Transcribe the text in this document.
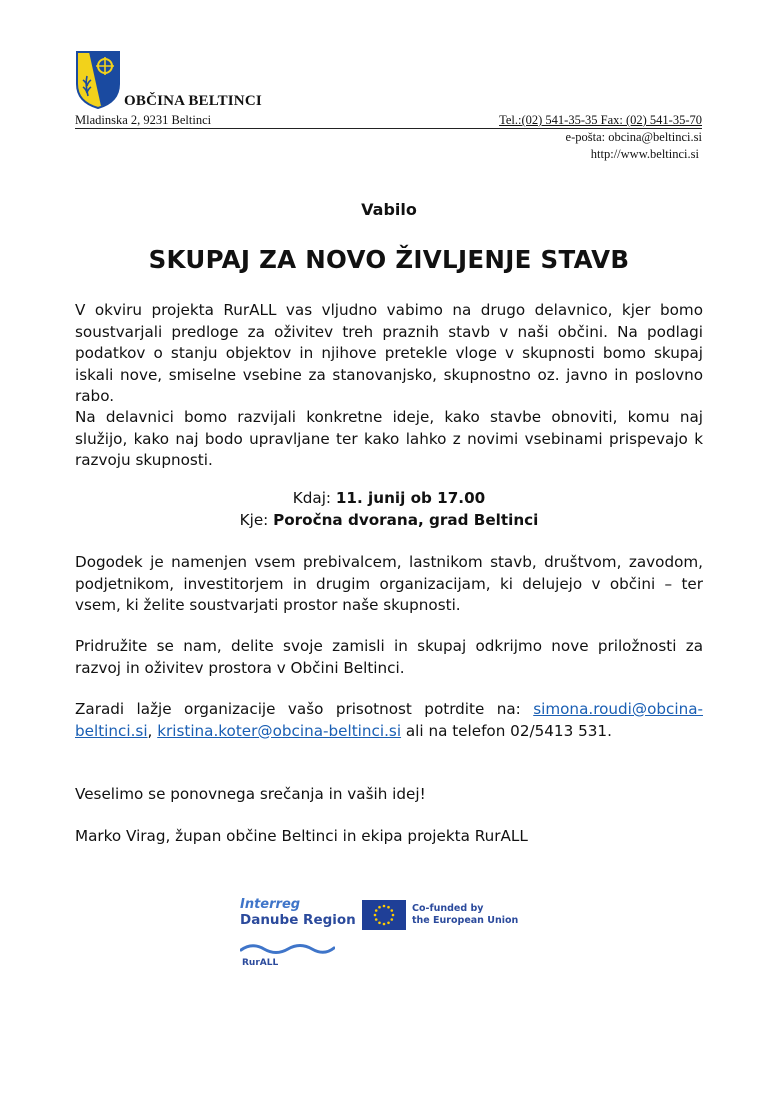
OBČINA BELTINCI
Mladinska 2, 9231 Beltinci	Tel.:(02) 541-35-35 Fax: (02) 541-35-70
e-pošta: obcina@beltinci.si
http://www.beltinci.si
Vabilo
SKUPAJ ZA NOVO ŽIVLJENJE STAVB

V okviru projekta RurALL vas vljudno vabimo na drugo delavnico, kjer bomo soustvarjali predloge za oživitev treh praznih stavb v naši občini. Na podlagi podatkov o stanju objektov in njihove pretekle vloge v skupnosti bomo skupaj iskali nove, smiselne vsebine za stanovanjsko, skupnostno oz. javno in poslovno rabo.

Na delavnici bomo razvijali konkretne ideje, kako stavbe obnoviti, komu naj služijo, kako naj bodo upravljane ter kako lahko z novimi vsebinami prispevajo k razvoju skupnosti.

Kdaj: 11. junij ob 17.00
Kje: Poročna dvorana, grad Beltinci

Dogodek je namenjen vsem prebivalcem, lastnikom stavb, društvom, zavodom, podjetnikom, investitorjem in drugim organizacijam, ki delujejo v občini – ter vsem, ki želite soustvarjati prostor naše skupnosti.

Pridružite se nam, delite svoje zamisli in skupaj odkrijmo nove priložnosti za razvoj in oživitev prostora v Občini Beltinci.

Zaradi lažje organizacije vašo prisotnost potrdite na: simona.roudi@obcina-beltinci.si, kristina.koter@obcina-beltinci.si ali na telefon 02/5413 531.

Veselimo se ponovnega srečanja in vaših idej!

Marko Virag, župan občine Beltinci in ekipa projekta RurALL

Interreg
Danube Region
Co-funded by
the European Union
RurALL
